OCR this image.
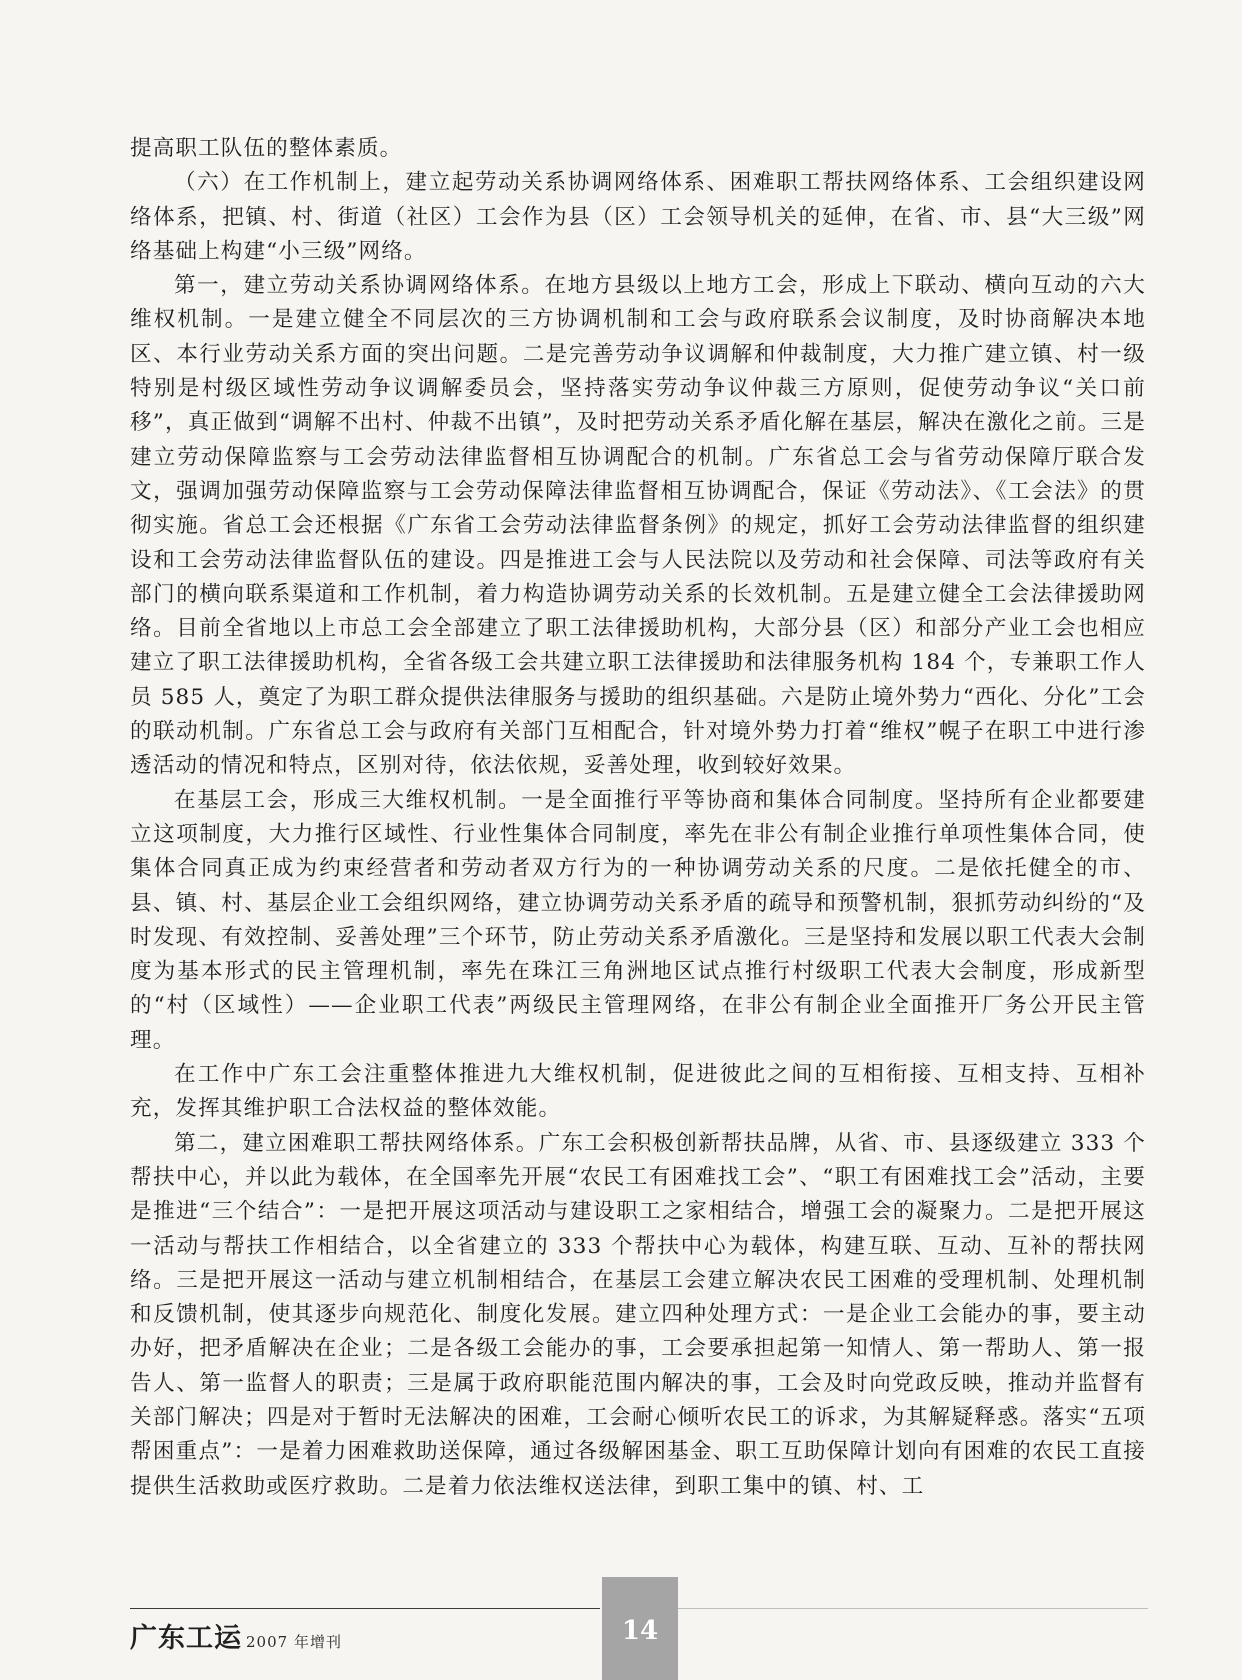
提高职工队伍的整体素质。

（六）在工作机制上，建立起劳动关系协调网络体系、困难职工帮扶网络体系、工会组织建设网络体系，把镇、村、街道（社区）工会作为县（区）工会领导机关的延伸，在省、市、县“大三级”网络基础上构建“小三级”网络。

第一，建立劳动关系协调网络体系。在地方县级以上地方工会，形成上下联动、横向互动的六大维权机制。一是建立健全不同层次的三方协调机制和工会与政府联系会议制度，及时协商解决本地区、本行业劳动关系方面的突出问题。二是完善劳动争议调解和仲裁制度，大力推广建立镇、村一级特别是村级区域性劳动争议调解委员会，坚持落实劳动争议仲裁三方原则，促使劳动争议“关口前移”，真正做到“调解不出村、仲裁不出镇”，及时把劳动关系矛盾化解在基层，解决在激化之前。三是建立劳动保障监察与工会劳动法律监督相互协调配合的机制。广东省总工会与省劳动保障厅联合发文，强调加强劳动保障监察与工会劳动保障法律监督相互协调配合，保证《劳动法》、《工会法》的贯彻实施。省总工会还根据《广东省工会劳动法律监督条例》的规定，抓好工会劳动法律监督的组织建设和工会劳动法律监督队伍的建设。四是推进工会与人民法院以及劳动和社会保障、司法等政府有关部门的横向联系渠道和工作机制，着力构造协调劳动关系的长效机制。五是建立健全工会法律援助网络。目前全省地以上市总工会全部建立了职工法律援助机构，大部分县（区）和部分产业工会也相应建立了职工法律援助机构，全省各级工会共建立职工法律援助和法律服务机构 184 个，专兼职工作人员 585 人，奠定了为职工群众提供法律服务与援助的组织基础。六是防止境外势力“西化、分化”工会的联动机制。广东省总工会与政府有关部门互相配合，针对境外势力打着“维权”幌子在职工中进行渗透活动的情况和特点，区别对待，依法依规，妥善处理，收到较好效果。

在基层工会，形成三大维权机制。一是全面推行平等协商和集体合同制度。坚持所有企业都要建立这项制度，大力推行区域性、行业性集体合同制度，率先在非公有制企业推行单项性集体合同，使集体合同真正成为约束经营者和劳动者双方行为的一种协调劳动关系的尺度。二是依托健全的市、县、镇、村、基层企业工会组织网络，建立协调劳动关系矛盾的疏导和预警机制，狠抓劳动纠纷的“及时发现、有效控制、妥善处理”三个环节，防止劳动关系矛盾激化。三是坚持和发展以职工代表大会制度为基本形式的民主管理机制，率先在珠江三角洲地区试点推行村级职工代表大会制度，形成新型的“村（区域性）——企业职工代表”两级民主管理网络，在非公有制企业全面推开厂务公开民主管理。

在工作中广东工会注重整体推进九大维权机制，促进彼此之间的互相衔接、互相支持、互相补充，发挥其维护职工合法权益的整体效能。

第二，建立困难职工帮扶网络体系。广东工会积极创新帮扶品牌，从省、市、县逐级建立 333 个帮扶中心，并以此为载体，在全国率先开展“农民工有困难找工会”、“职工有困难找工会”活动，主要是推进“三个结合”：一是把开展这项活动与建设职工之家相结合，增强工会的凝聚力。二是把开展这一活动与帮扶工作相结合，以全省建立的 333 个帮扶中心为载体，构建互联、互动、互补的帮扶网络。三是把开展这一活动与建立机制相结合，在基层工会建立解决农民工困难的受理机制、处理机制和反馈机制，使其逐步向规范化、制度化发展。建立四种处理方式：一是企业工会能办的事，要主动办好，把矛盾解决在企业；二是各级工会能办的事，工会要承担起第一知情人、第一帮助人、第一报告人、第一监督人的职责；三是属于政府职能范围内解决的事，工会及时向党政反映，推动并监督有关部门解决；四是对于暂时无法解决的困难，工会耐心倾听农民工的诉求，为其解疑释惑。落实“五项帮困重点”：一是着力困难救助送保障，通过各级解困基金、职工互助保障计划向有困难的农民工直接提供生活救助或医疗救助。二是着力依法维权送法律，到职工集中的镇、村、工

广东工运 2007 年增刊	14
